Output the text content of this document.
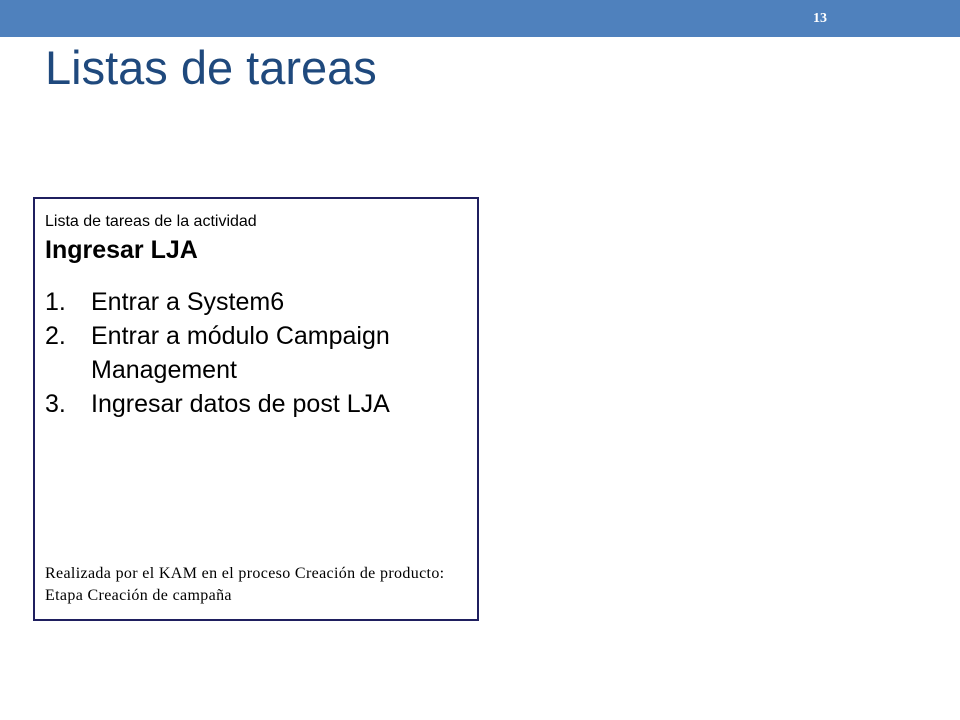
13
Listas de tareas

Lista de tareas de la actividad

Ingresar LJA

1. Entrar a System6
2. Entrar a módulo Campaign Management
3. Ingresar datos de post LJA

Realizada por el KAM en el proceso Creación de producto: Etapa Creación de campaña
